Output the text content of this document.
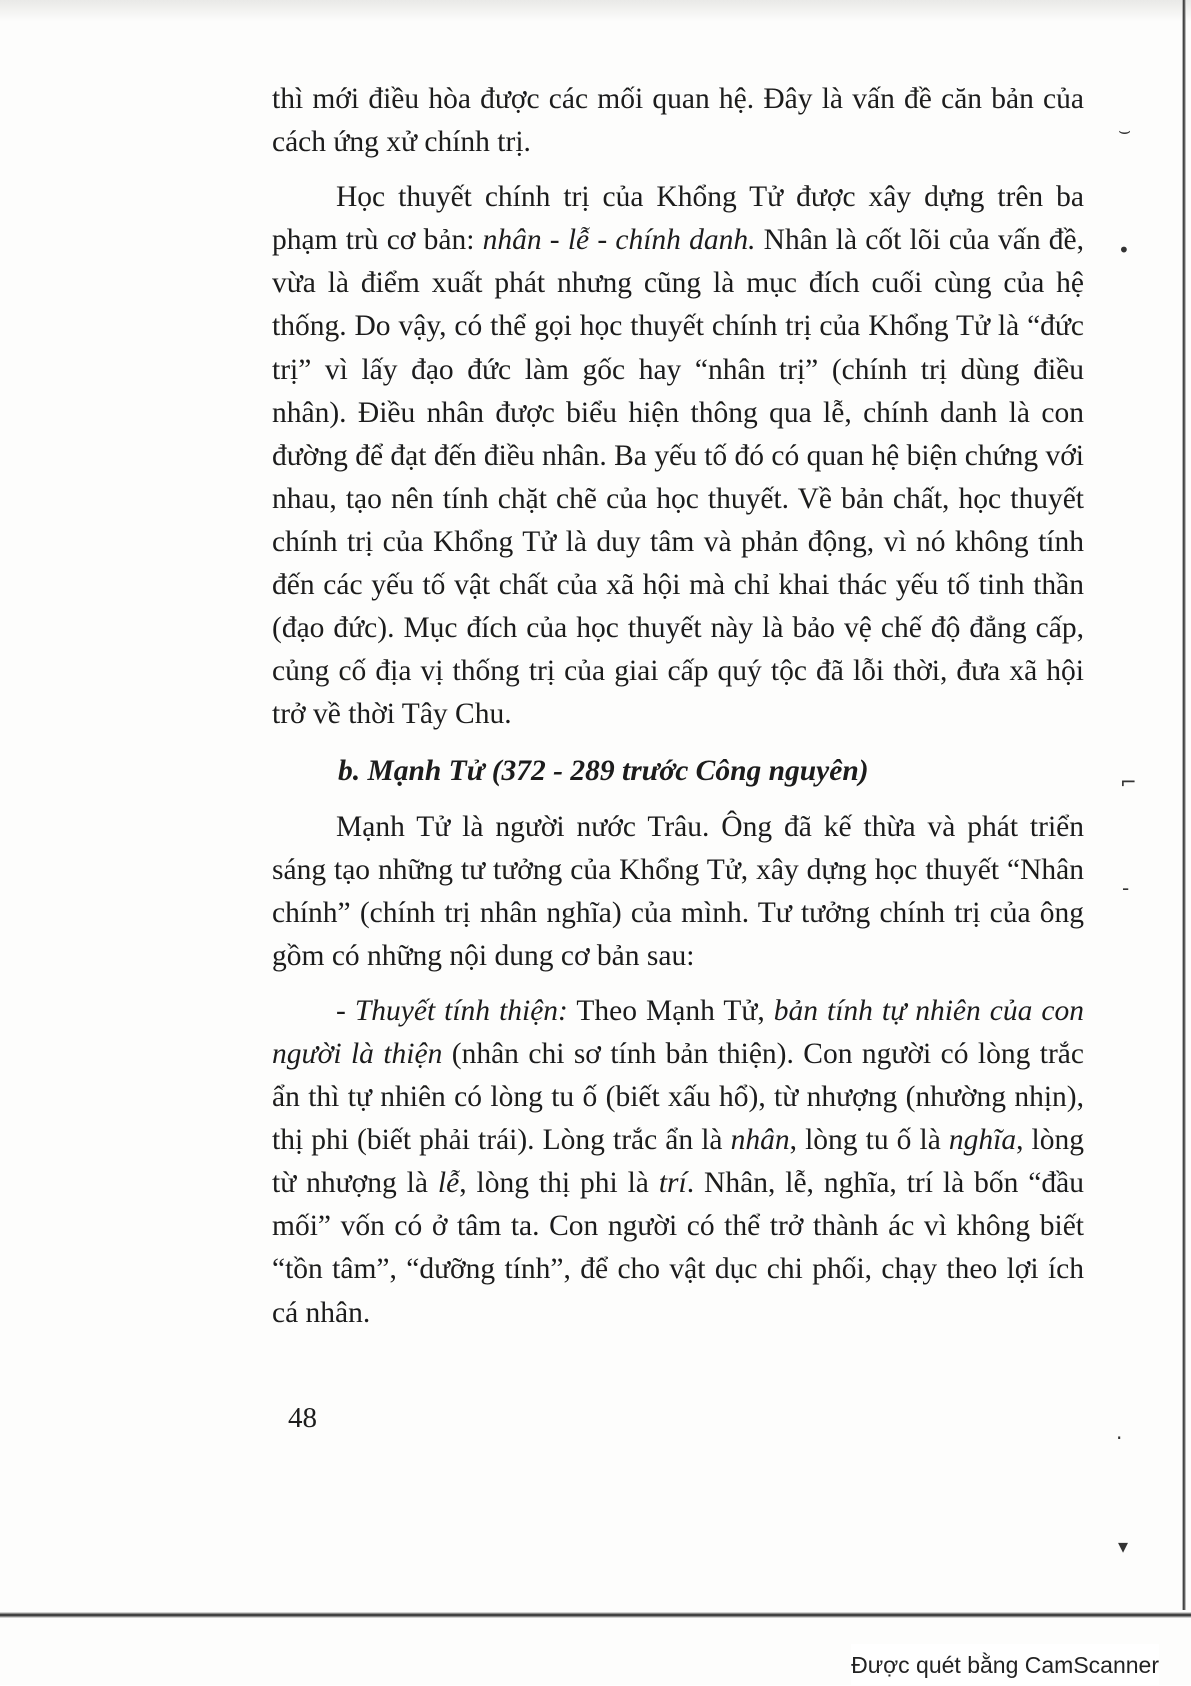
⌣
•
⌐
-
.
▾

thì mới điều hòa được các mối quan hệ. Đây là vấn đề căn bản của cách ứng xử chính trị.

Học thuyết chính trị của Khổng Tử được xây dựng trên ba phạm trù cơ bản: nhân - lễ - chính danh. Nhân là cốt lõi của vấn đề, vừa là điểm xuất phát nhưng cũng là mục đích cuối cùng của hệ thống. Do vậy, có thể gọi học thuyết chính trị của Khổng Tử là “đức trị” vì lấy đạo đức làm gốc hay “nhân trị” (chính trị dùng điều nhân). Điều nhân được biểu hiện thông qua lễ, chính danh là con đường để đạt đến điều nhân. Ba yếu tố đó có quan hệ biện chứng với nhau, tạo nên tính chặt chẽ của học thuyết. Về bản chất, học thuyết chính trị của Khổng Tử là duy tâm và phản động, vì nó không tính đến các yếu tố vật chất của xã hội mà chỉ khai thác yếu tố tinh thần (đạo đức). Mục đích của học thuyết này là bảo vệ chế độ đẳng cấp, củng cố địa vị thống trị của giai cấp quý tộc đã lỗi thời, đưa xã hội trở về thời Tây Chu.

b. Mạnh Tử (372 - 289 trước Công nguyên)

Mạnh Tử là người nước Trâu. Ông đã kế thừa và phát triển sáng tạo những tư tưởng của Khổng Tử, xây dựng học thuyết “Nhân chính” (chính trị nhân nghĩa) của mình. Tư tưởng chính trị của ông gồm có những nội dung cơ bản sau:

- Thuyết tính thiện: Theo Mạnh Tử, bản tính tự nhiên của con người là thiện (nhân chi sơ tính bản thiện). Con người có lòng trắc ẩn thì tự nhiên có lòng tu ố (biết xấu hổ), từ nhượng (nhường nhịn), thị phi (biết phải trái). Lòng trắc ẩn là nhân, lòng tu ố là nghĩa, lòng từ nhượng là lễ, lòng thị phi là trí. Nhân, lễ, nghĩa, trí là bốn “đầu mối” vốn có ở tâm ta. Con người có thể trở thành ác vì không biết “tồn tâm”, “dưỡng tính”, để cho vật dục chi phối, chạy theo lợi ích cá nhân.

48
Được quét bằng CamScanner
